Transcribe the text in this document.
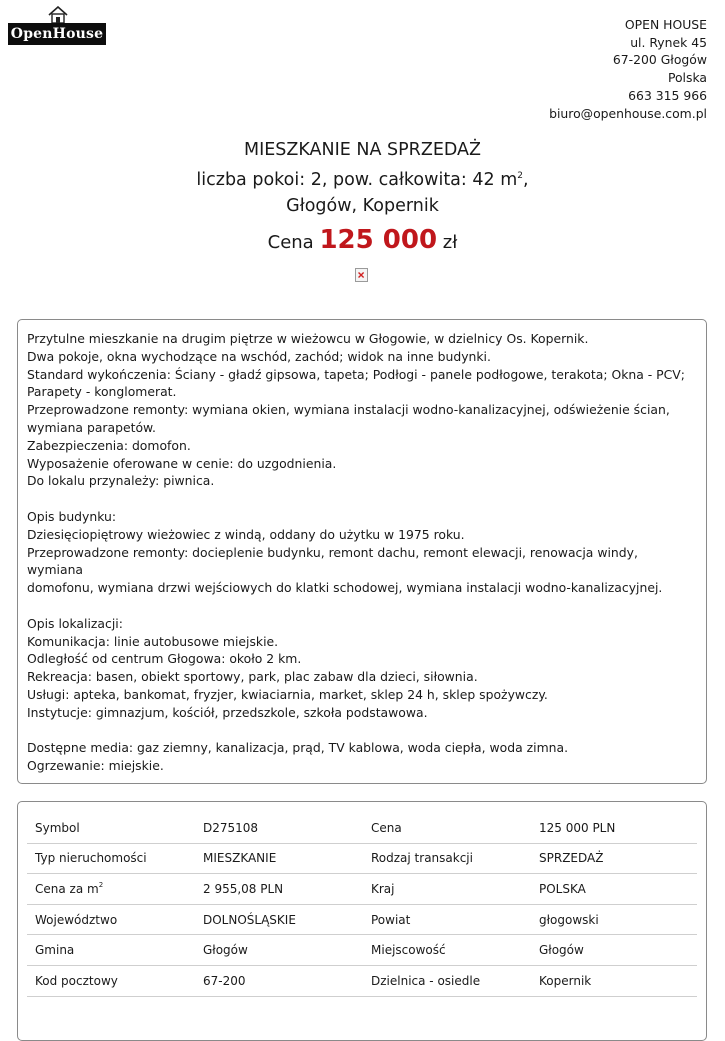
OpenHouse
OPEN HOUSE
ul. Rynek 45
67-200 Głogów
Polska
663 315 966
biuro@openhouse.com.pl
MIESZKANIE NA SPRZEDAŻ
liczba pokoi: 2, pow. całkowita: 42 $m^2$,
Głogów, Kopernik
Cena 125 000 zł

Przytulne mieszkanie na drugim piętrze w wieżowcu w Głogowie, w dzielnicy Os. Kopernik.
Dwa pokoje, okna wychodzące na wschód, zachód; widok na inne budynki.
Standard wykończenia: Ściany - gładź gipsowa, tapeta; Podłogi - panele podłogowe, terakota; Okna - PCV;
Parapety - konglomerat.
Przeprowadzone remonty: wymiana okien, wymiana instalacji wodno-kanalizacyjnej, odświeżenie ścian,
wymiana parapetów.
Zabezpieczenia: domofon.
Wyposażenie oferowane w cenie: do uzgodnienia.
Do lokalu przynależy: piwnica.

Opis budynku:
Dziesięciopiętrowy wieżowiec z windą, oddany do użytku w 1975 roku.
Przeprowadzone remonty: docieplenie budynku, remont dachu, remont elewacji, renowacja windy, wymiana
domofonu, wymiana drzwi wejściowych do klatki schodowej, wymiana instalacji wodno-kanalizacyjnej.

Opis lokalizacji:
Komunikacja: linie autobusowe miejskie.
Odległość od centrum Głogowa: około 2 km.
Rekreacja: basen, obiekt sportowy, park, plac zabaw dla dzieci, siłownia.
Usługi: apteka, bankomat, fryzjer, kwiaciarnia, market, sklep 24 h, sklep spożywczy.
Instytucje: gimnazjum, kościół, przedszkole, szkoła podstawowa.

Dostępne media: gaz ziemny, kanalizacja, prąd, TV kablowa, woda ciepła, woda zimna.
Ogrzewanie: miejskie.

Symbol	D275108	Cena	125 000 PLN
Typ nieruchomości	MIESZKANIE	Rodzaj transakcji	SPRZEDAŻ
Cena za $m^2$	2 955,08 PLN	Kraj	POLSKA
Województwo	DOLNOŚLĄSKIE	Powiat	głogowski
Gmina	Głogów	Miejscowość	Głogów
Kod pocztowy	67-200	Dzielnica - osiedle	Kopernik
